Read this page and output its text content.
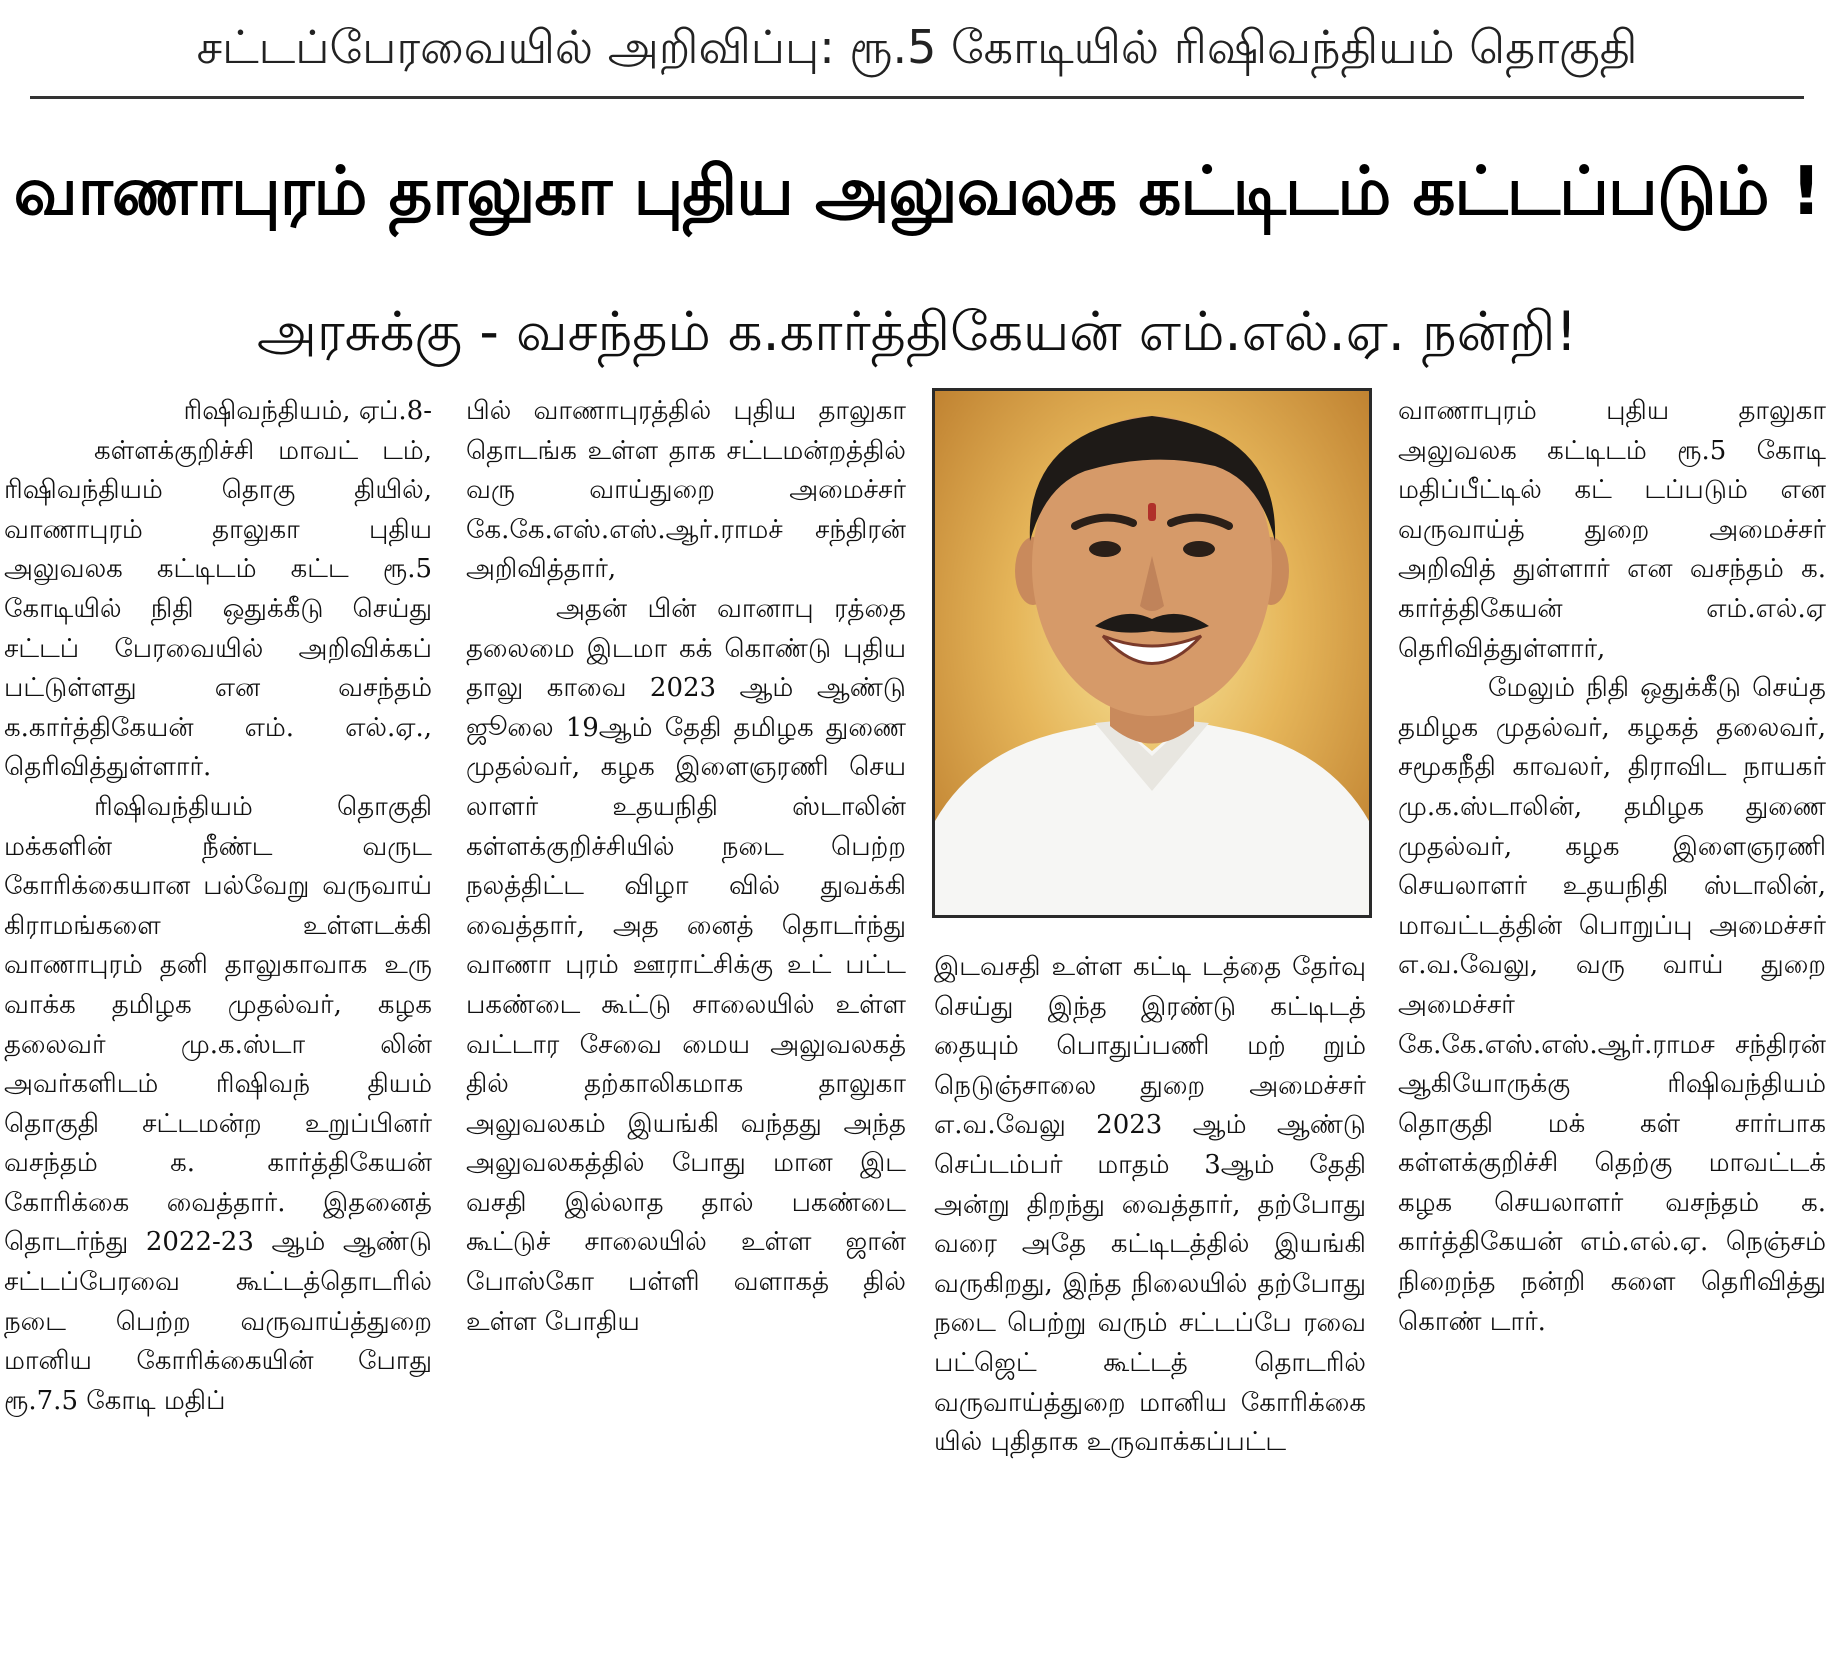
சட்டப்பேரவையில் அறிவிப்பு: ரூ.5 கோடியில் ரிஷிவந்தியம் தொகுதி
வாணாபுரம் தாலுகா புதிய அலுவலக கட்டிடம் கட்டப்படும் !
அரசுக்கு - வசந்தம் க.கார்த்திகேயன் எம்.எல்.ஏ. நன்றி!
ரிஷிவந்தியம், ஏப்.8-

கள்ளக்குறிச்சி மாவட் டம், ரிஷிவந்தியம் தொகு தியில், வாணாபுரம் தாலுகா புதிய அலுவலக கட்டிடம் கட்ட ரூ.5 கோடியில் நிதி ஒதுக்கீடு செய்து சட்டப் பேரவையில் அறிவிக்கப் பட்டுள்ளது என வசந்தம் க.கார்த்திகேயன் எம். எல்.ஏ., தெரிவித்துள்ளார்.

ரிஷிவந்தியம் தொகுதி மக்களின் நீண்ட வருட கோரிக்கையான பல்வேறு வருவாய் கிராமங்களை உள்ளடக்கி வாணாபுரம் தனி தாலுகாவாக உரு வாக்க தமிழக முதல்வர், கழக தலைவர் மு.க.ஸ்டா லின் அவர்களிடம் ரிஷிவந் தியம் தொகுதி சட்டமன்ற உறுப்பினர் வசந்தம் க. கார்த்திகேயன் கோரிக்கை வைத்தார். இதனைத் தொடர்ந்து 2022-23 ஆம் ஆண்டு சட்டப்பேரவை கூட்டத்தொடரில் நடை பெற்ற வருவாய்த்துறை மானிய கோரிக்கையின் போது ரூ.7.5 கோடி மதிப்

பில் வாணாபுரத்தில் புதிய தாலுகா தொடங்க உள்ள தாக சட்டமன்றத்தில் வரு வாய்துறை அமைச்சர் கே.கே.எஸ்.எஸ்.ஆர்.ராமச் சந்திரன் அறிவித்தார்,

அதன் பின் வானாபு ரத்தை தலைமை இடமா கக் கொண்டு புதிய தாலு காவை 2023 ஆம் ஆண்டு ஜூலை 19ஆம் தேதி தமிழக துணை முதல்வர், கழக இளைஞரணி செய லாளர் உதயநிதி ஸ்டாலின் கள்ளக்குறிச்சியில் நடை பெற்ற நலத்திட்ட விழா வில் துவக்கி வைத்தார், அத னைத் தொடர்ந்து வாணா புரம் ஊராட்சிக்கு உட் பட்ட பகண்டை கூட்டு சாலையில் உள்ள வட்டார சேவை மைய அலுவலகத் தில் தற்காலிகமாக தாலுகா அலுவலகம் இயங்கி வந்தது அந்த அலுவலகத்தில் போது மான இட வசதி இல்லாத தால் பகண்டை கூட்டுச் சாலையில் உள்ள ஜான் போஸ்கோ பள்ளி வளாகத் தில் உள்ள போதிய

இடவசதி உள்ள கட்டி டத்தை தேர்வு செய்து இந்த இரண்டு கட்டிடத் தையும் பொதுப்பணி மற் றும் நெடுஞ்சாலை துறை அமைச்சர் எ.வ.வேலு 2023 ஆம் ஆண்டு செப்டம்பர் மாதம் 3ஆம் தேதி அன்று திறந்து வைத்தார், தற்போது வரை அதே கட்டிடத்தில் இயங்கி வருகிறது, இந்த நிலையில் தற்போது நடை பெற்று வரும் சட்டப்பே ரவை பட்ஜெட் கூட்டத் தொடரில் வருவாய்த்துறை மானிய கோரிக்கை யில் புதிதாக உருவாக்கப்பட்ட

வாணாபுரம் புதிய தாலுகா அலுவலக கட்டிடம் ரூ.5 கோடி மதிப்பீட்டில் கட் டப்படும் என வருவாய்த் துறை அமைச்சர் அறிவித் துள்ளார் என வசந்தம் க. கார்த்திகேயன் எம்.எல்.ஏ தெரிவித்துள்ளார்,

மேலும் நிதி ஒதுக்கீடு செய்த தமிழக முதல்வர், கழகத் தலைவர், சமூகநீதி காவலர், திராவிட நாயகர் மு.க.ஸ்டாலின், தமிழக துணை முதல்வர், கழக இளைஞரணி செயலாளர் உதயநிதி ஸ்டாலின், மாவட்டத்தின் பொறுப்பு அமைச்சர் எ.வ.வேலு, வரு வாய் துறை அமைச்சர் கே.கே.எஸ்.எஸ்.ஆர்.ராமச சந்திரன் ஆகியோருக்கு ரிஷிவந்தியம் தொகுதி மக் கள் சார்பாக கள்ளக்குறிச்சி தெற்கு மாவட்டக் கழக செயலாளர் வசந்தம் க. கார்த்திகேயன் எம்.எல்.ஏ. நெஞ்சம் நிறைந்த நன்றி களை தெரிவித்து கொண் டார்.
